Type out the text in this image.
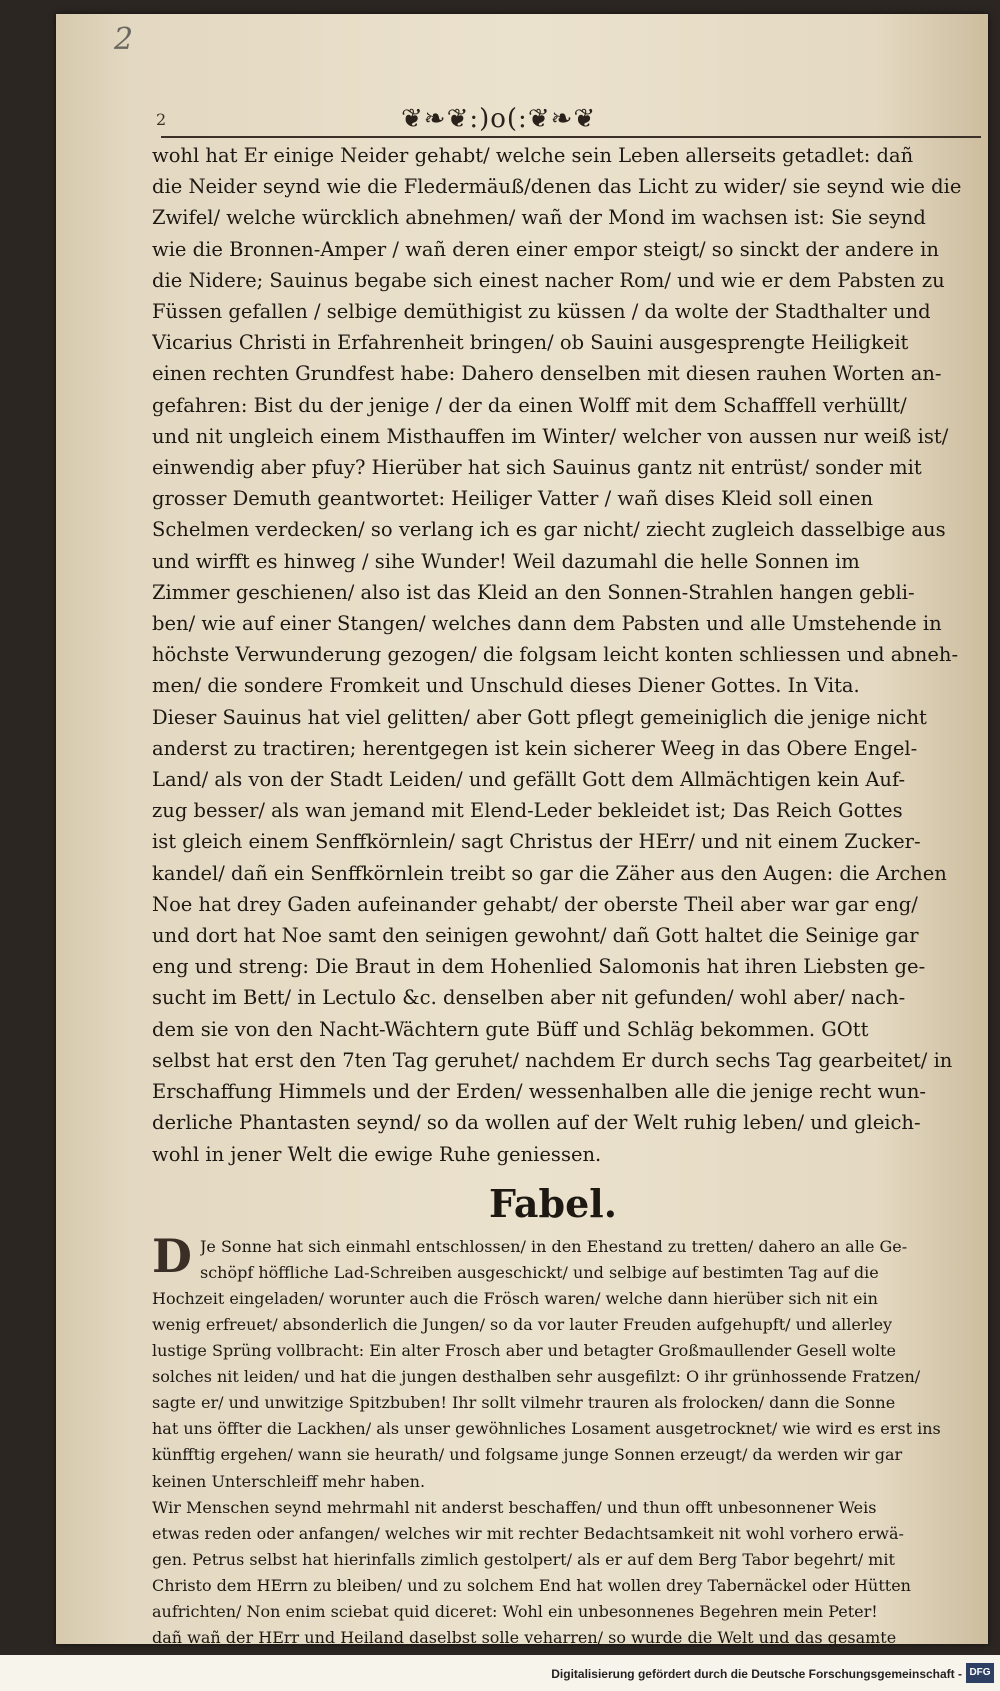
2
2	❦❧❦:)o(:❦❧❦
wohl hat Er einige Neider gehabt/ welche sein Leben allerseits getadlet: dañ
die Neider seynd wie die Fledermäuß/denen das Licht zu wider/ sie seynd wie die
Zwifel/ welche würcklich abnehmen/ wañ der Mond im wachsen ist: Sie seynd
wie die Bronnen-Amper / wañ deren einer empor steigt/ so sinckt der andere in
die Nidere; Sauinus begabe sich einest nacher Rom/ und wie er dem Pabsten zu
Füssen gefallen / selbige demüthigist zu küssen / da wolte der Stadthalter und
Vicarius Christi in Erfahrenheit bringen/ ob Sauini ausgesprengte Heiligkeit
einen rechten Grundfest habe: Dahero denselben mit diesen rauhen Worten an-
gefahren: Bist du der jenige / der da einen Wolff mit dem Schafffell verhüllt/
und nit ungleich einem Misthauffen im Winter/ welcher von aussen nur weiß ist/
einwendig aber pfuy? Hierüber hat sich Sauinus gantz nit entrüst/ sonder mit
grosser Demuth geantwortet: Heiliger Vatter / wañ dises Kleid soll einen
Schelmen verdecken/ so verlang ich es gar nicht/ ziecht zugleich dasselbige aus
und wirfft es hinweg / sihe Wunder! Weil dazumahl die helle Sonnen im
Zimmer geschienen/ also ist das Kleid an den Sonnen-Strahlen hangen gebli-
ben/ wie auf einer Stangen/ welches dann dem Pabsten und alle Umstehende in
höchste Verwunderung gezogen/ die folgsam leicht konten schliessen und abneh-
men/ die sondere Fromkeit und Unschuld dieses Diener Gottes. In Vita.
Dieser Sauinus hat viel gelitten/ aber Gott pflegt gemeiniglich die jenige nicht
anderst zu tractiren; herentgegen ist kein sicherer Weeg in das Obere Engel-
Land/ als von der Stadt Leiden/ und gefällt Gott dem Allmächtigen kein Auf-
zug besser/ als wan jemand mit Elend-Leder bekleidet ist; Das Reich Gottes
ist gleich einem Senffkörnlein/ sagt Christus der HErr/ und nit einem Zucker-
kandel/ dañ ein Senffkörnlein treibt so gar die Zäher aus den Augen: die Archen
Noe hat drey Gaden aufeinander gehabt/ der oberste Theil aber war gar eng/
und dort hat Noe samt den seinigen gewohnt/ dañ Gott haltet die Seinige gar
eng und streng: Die Braut in dem Hohenlied Salomonis hat ihren Liebsten ge-
sucht im Bett/ in Lectulo &c. denselben aber nit gefunden/ wohl aber/ nach-
dem sie von den Nacht-Wächtern gute Büff und Schläg bekommen. GOtt
selbst hat erst den 7ten Tag geruhet/ nachdem Er durch sechs Tag gearbeitet/ in
Erschaffung Himmels und der Erden/ wessenhalben alle die jenige recht wun-
derliche Phantasten seynd/ so da wollen auf der Welt ruhig leben/ und gleich-
wohl in jener Welt die ewige Ruhe geniessen.
Fabel.
D Je Sonne hat sich einmahl entschlossen/ in den Ehestand zu tretten/ dahero an alle Ge-
schöpf höffliche Lad-Schreiben ausgeschickt/ und selbige auf bestimten Tag auf die
Hochzeit eingeladen/ worunter auch die Frösch waren/ welche dann hierüber sich nit ein
wenig erfreuet/ absonderlich die Jungen/ so da vor lauter Freuden aufgehupft/ und allerley
lustige Sprüng vollbracht: Ein alter Frosch aber und betagter Großmaullender Gesell wolte
solches nit leiden/ und hat die jungen desthalben sehr ausgefilzt: O ihr grünhossende Fratzen/
sagte er/ und unwitzige Spitzbuben! Ihr sollt vilmehr trauren als frolocken/ dann die Sonne
hat uns öffter die Lackhen/ als unser gewöhnliches Losament ausgetrocknet/ wie wird es erst ins
künfftig ergehen/ wann sie heurath/ und folgsame junge Sonnen erzeugt/ da werden wir gar
keinen Unterschleiff mehr haben.
Wir Menschen seynd mehrmahl nit anderst beschaffen/ und thun offt unbesonnener Weis
etwas reden oder anfangen/ welches wir mit rechter Bedachtsamkeit nit wohl vorhero erwä-
gen. Petrus selbst hat hierinfalls zimlich gestolpert/ als er auf dem Berg Tabor begehrt/ mit
Christo dem HErrn zu bleiben/ und zu solchem End hat wollen drey Tabernäckel oder Hütten
aufrichten/ Non enim sciebat quid diceret: Wohl ein unbesonnenes Begehren mein Peter!
dañ wañ der HErr und Heiland daselbst solle veharren/ so wurde die Welt und das gesamte
Digitalisierung gefördert durch die Deutsche Forschungsgemeinschaft - DFG
